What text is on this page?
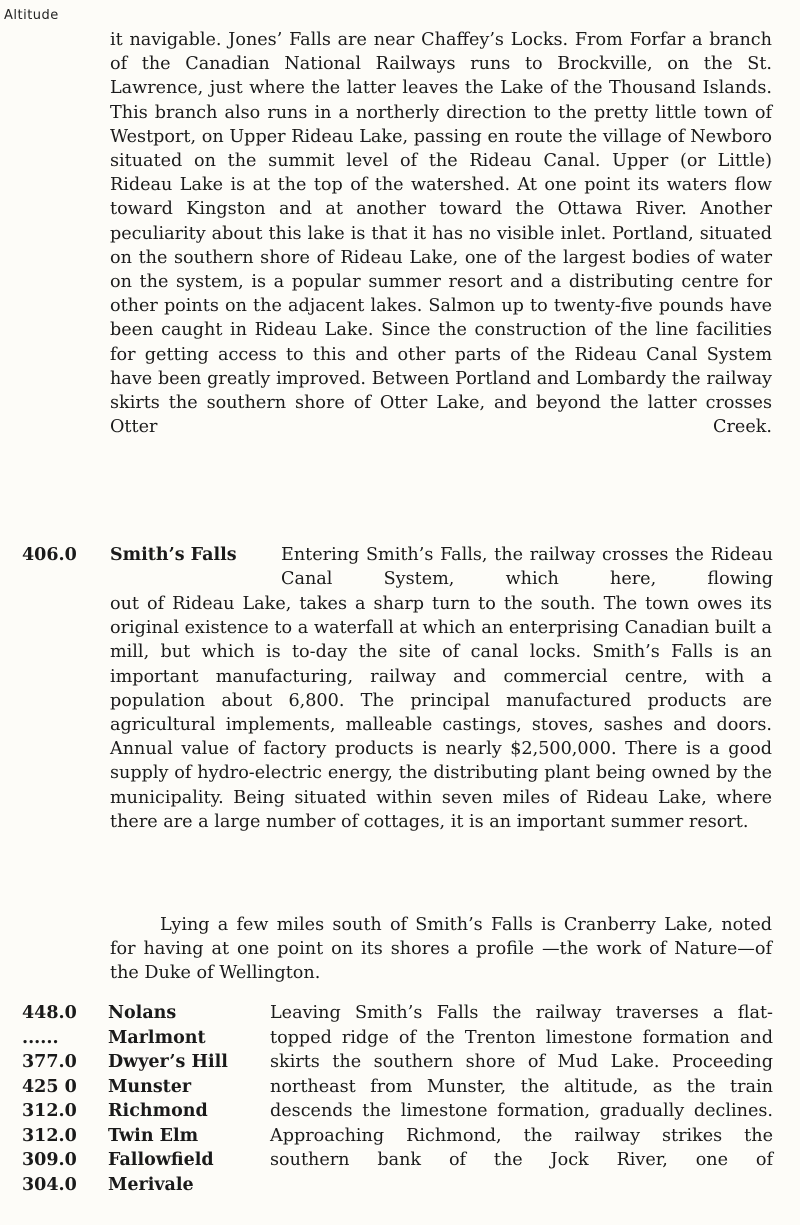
Altitude
it navigable. Jones’ Falls are near Chaffey’s Locks. From Forfar a branch of the Canadian National Railways runs to Brockville, on the St. Lawrence, just where the latter leaves the Lake of the Thousand Islands. This branch also runs in a northerly direction to the pretty little town of Westport, on Upper Rideau Lake, passing en route the village of Newboro situated on the summit level of the Rideau Canal. Upper (or Little) Rideau Lake is at the top of the watershed. At one point its waters flow toward Kingston and at another toward the Ottawa River. Another peculiarity about this lake is that it has no visible inlet. Portland, situated on the southern shore of Rideau Lake, one of the largest bodies of water on the system, is a popular summer resort and a distributing centre for other points on the adjacent lakes. Salmon up to twenty-five pounds have been caught in Rideau Lake. Since the construction of the line facilities for getting access to this and other parts of the Rideau Canal System have been greatly improved. Between Portland and Lombardy the railway skirts the southern shore of Otter Lake, and beyond the latter crosses Otter Creek.
406.0	Smith’s Falls	Entering Smith’s Falls, the railway crosses the Rideau Canal System, which here, flowing
out of Rideau Lake, takes a sharp turn to the south. The town owes its original existence to a waterfall at which an enterprising Canadian built a mill, but which is to-day the site of canal locks. Smith’s Falls is an important manufacturing, railway and commercial centre, with a population about 6,800. The principal manufactured products are agricultural implements, malleable castings, stoves, sashes and doors. Annual value of factory products is nearly $2,500,000. There is a good supply of hydro-electric energy, the distributing plant being owned by the municipality. Being situated within seven miles of Rideau Lake, where there are a large number of cottages, it is an important summer resort.
Lying a few miles south of Smith’s Falls is Cranberry Lake, noted for having at one point on its shores a profile —the work of Nature—of the Duke of Wellington.
448.0 Nolans
......	Marlmont
377.0 Dwyer’s Hill
425 0 Munster
312.0 Richmond
312.0 Twin Elm
309.0 Fallowfield
304.0 Merivale
Leaving Smith’s Falls the railway traverses a flat-topped ridge of the Trenton limestone formation and skirts the southern shore of Mud Lake. Proceeding northeast from Munster, the altitude, as the train descends the limestone formation, gradually declines. Approaching Richmond, the railway strikes the southern bank of the Jock River, one of
